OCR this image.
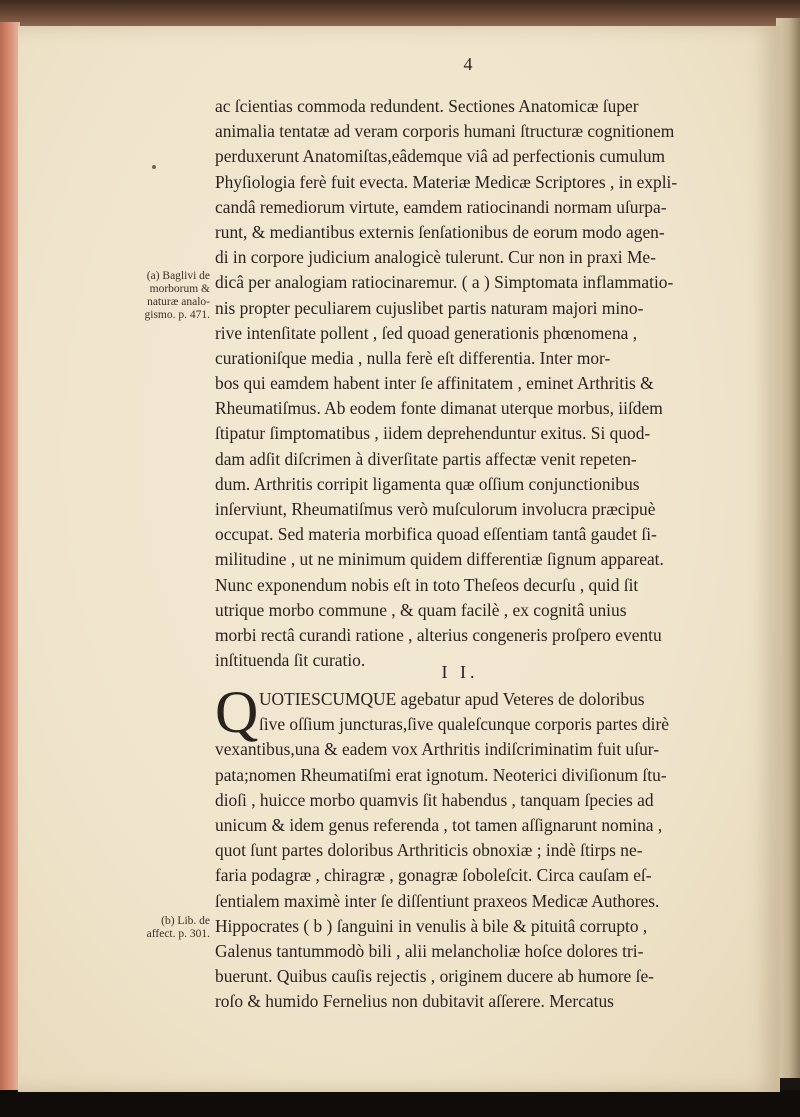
4
ac ſcientias commoda redundent. Sectiones Anatomicæ ſuper
animalia tentatæ ad veram corporis humani ſtructuræ cognitionem
perduxerunt Anatomiſtas,eâdemque viâ ad perfectionis cumulum
Phyſiologia ferè fuit evecta. Materiæ Medicæ Scriptores , in expli-
candâ remediorum virtute, eamdem ratiocinandi normam uſurpa-
runt, & mediantibus externis ſenſationibus de eorum modo agen-
di in corpore judicium analogicè tulerunt. Cur non in praxi Me-
dicâ per analogiam ratiocinaremur. ( a ) Simptomata inflammatio-
nis propter peculiarem cujuslibet partis naturam majori mino-
rive intenſitate pollent , ſed quoad generationis phœnomena ,
curationiſque media , nulla ferè eſt differentia. Inter mor-
bos qui eamdem habent inter ſe affinitatem , eminet Arthritis &
Rheumatiſmus. Ab eodem fonte dimanat uterque morbus, iiſdem
ſtipatur ſimptomatibus , iidem deprehenduntur exitus. Si quod-
dam adſit diſcrimen à diverſitate partis affectæ venit repeten-
dum. Arthritis corripit ligamenta quæ oſſium conjunctionibus
inſerviunt, Rheumatiſmus verò muſculorum involucra præcipuè
occupat. Sed materia morbifica quoad eſſentiam tantâ gaudet ſi-
militudine , ut ne minimum quidem differentiæ ſignum appareat.
Nunc exponendum nobis eſt in toto Theſeos decurſu , quid ſit
utrique morbo commune , & quam facilè , ex cognitâ unius
morbi rectâ curandi ratione , alterius congeneris proſpero eventu
inſtituenda ſit curatio.
I I.
Q UOTIESCUMQUE agebatur apud Veteres de doloribus
ſive oſſium juncturas,ſive qualeſcunque corporis partes dirè
vexantibus,una & eadem vox Arthritis indiſcriminatim fuit uſur-
pata;nomen Rheumatiſmi erat ignotum. Neoterici diviſionum ſtu-
dioſi , huicce morbo quamvis ſit habendus , tanquam ſpecies ad
unicum & idem genus referenda , tot tamen aſſignarunt nomina ,
quot ſunt partes doloribus Arthriticis obnoxiæ ; indè ſtirps ne-
faria podagræ , chiragræ , gonagræ ſoboleſcit. Circa cauſam eſ-
ſentialem maximè inter ſe diſſentiunt praxeos Medicæ Authores.
Hippocrates ( b ) ſanguini in venulis à bile & pituitâ corrupto ,
Galenus tantummodò bili , alii melancholiæ hoſce dolores tri-
buerunt. Quibus cauſis rejectis , originem ducere ab humore ſe-
roſo & humido Fernelius non dubitavit aſſerere. Mercatus
(a) Baglivi de
morborum &
naturæ analo-
gismo. p. 471.
(b) Lib. de
affect. p. 301.
